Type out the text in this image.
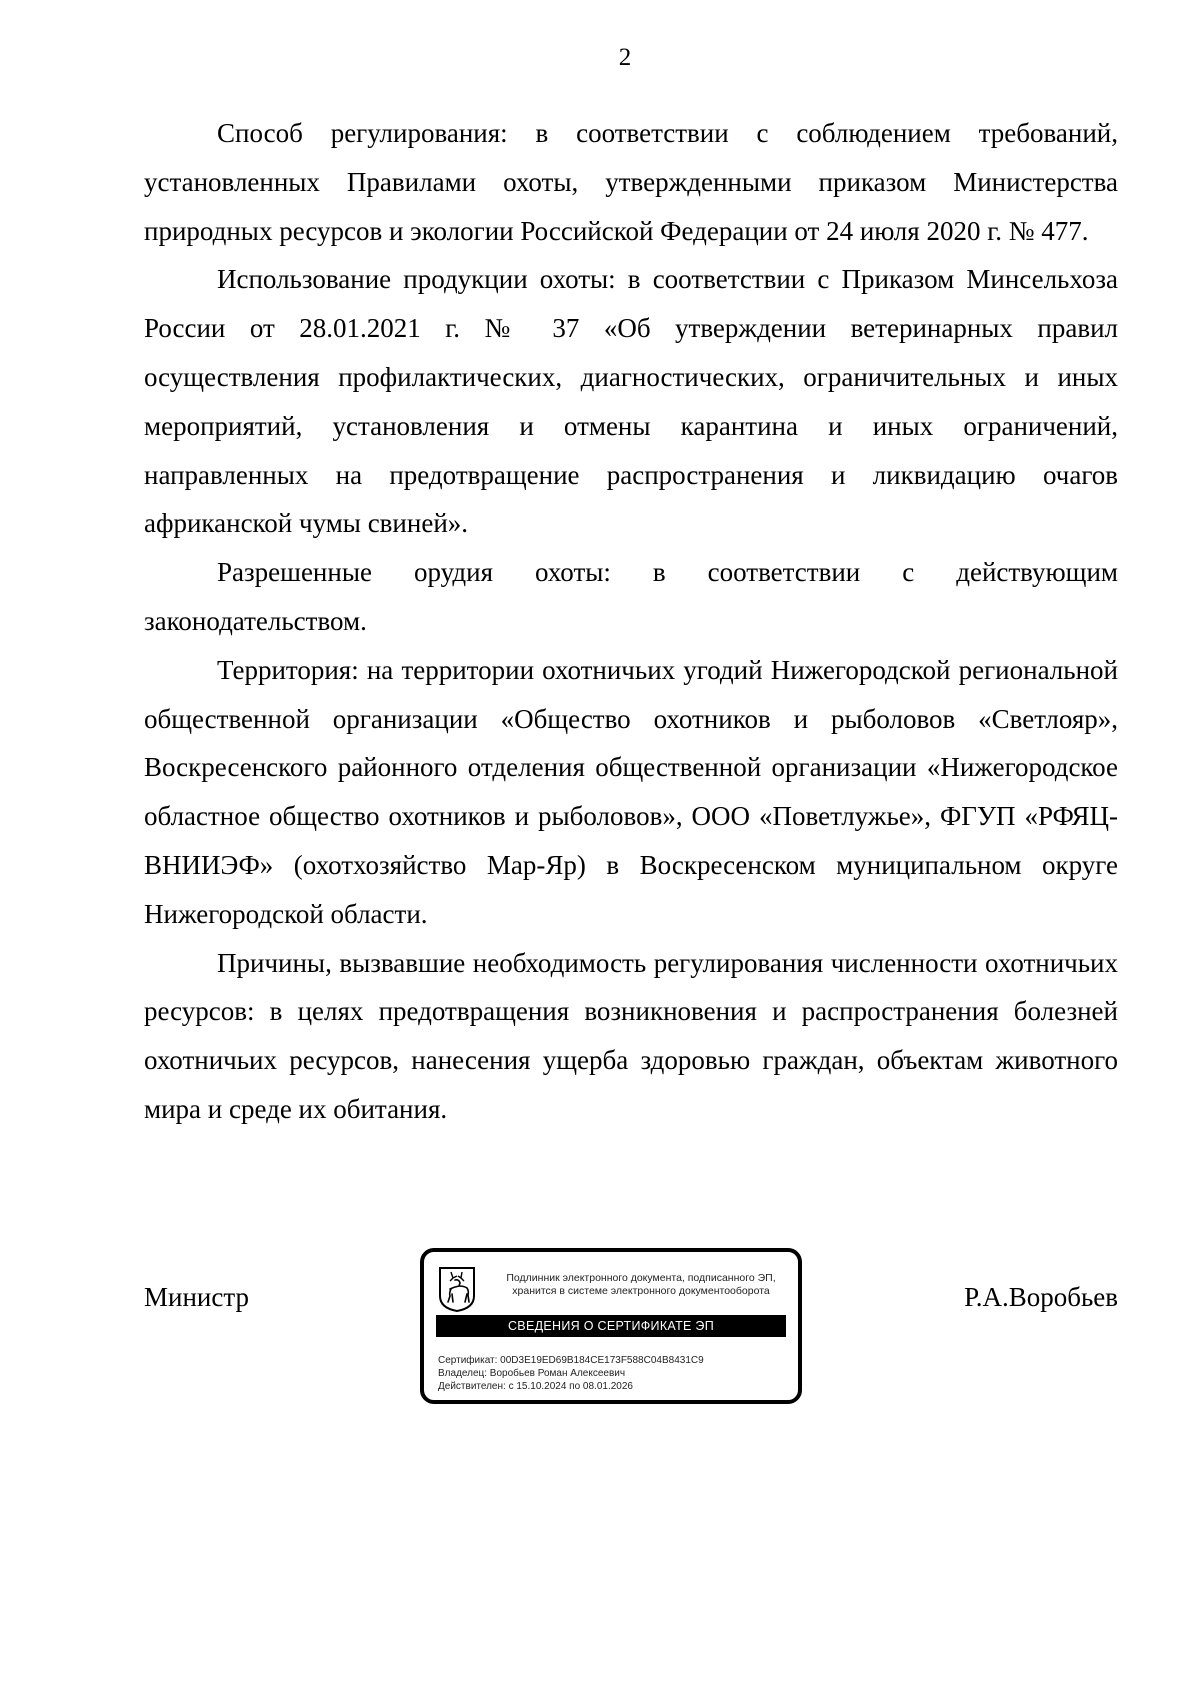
2

Способ регулирования: в соответствии с соблюдением требований, установленных Правилами охоты, утвержденными приказом Министерства природных ресурсов и экологии Российской Федерации от 24 июля 2020 г. № 477.

Использование продукции охоты: в соответствии с Приказом Минсельхоза России от 28.01.2021 г. № 37 «Об утверждении ветеринарных правил осуществления профилактических, диагностических, ограничительных и иных мероприятий, установления и отмены карантина и иных ограничений, направленных на предотвращение распространения и ликвидацию очагов африканской чумы свиней».

Разрешенные орудия охоты: в соответствии с действующим законодательством.

Территория: на территории охотничьих угодий Нижегородской региональной общественной организации «Общество охотников и рыболовов «Светлояр», Воскресенского районного отделения общественной организации «Нижегородское областное общество охотников и рыболовов», ООО «Поветлужье», ФГУП «РФЯЦ-ВНИИЭФ» (охотхозяйство Мар-Яр) в Воскресенском муниципальном округе Нижегородской области.

Причины, вызвавшие необходимость регулирования численности охотничьих ресурсов: в целях предотвращения возникновения и распространения болезней охотничьих ресурсов, нанесения ущерба здоровью граждан, объектам животного мира и среде их обитания.

Министр
Подлинник электронного документа, подписанного ЭП,
хранится в системе электронного документооборота
СВЕДЕНИЯ О СЕРТИФИКАТЕ ЭП
Сертификат: 00D3E19ED69B184CE173F588C04B8431C9
Владелец: Воробьев Роман Алексеевич
Действителен: с 15.10.2024 по 08.01.2026
Р.А.Воробьев
